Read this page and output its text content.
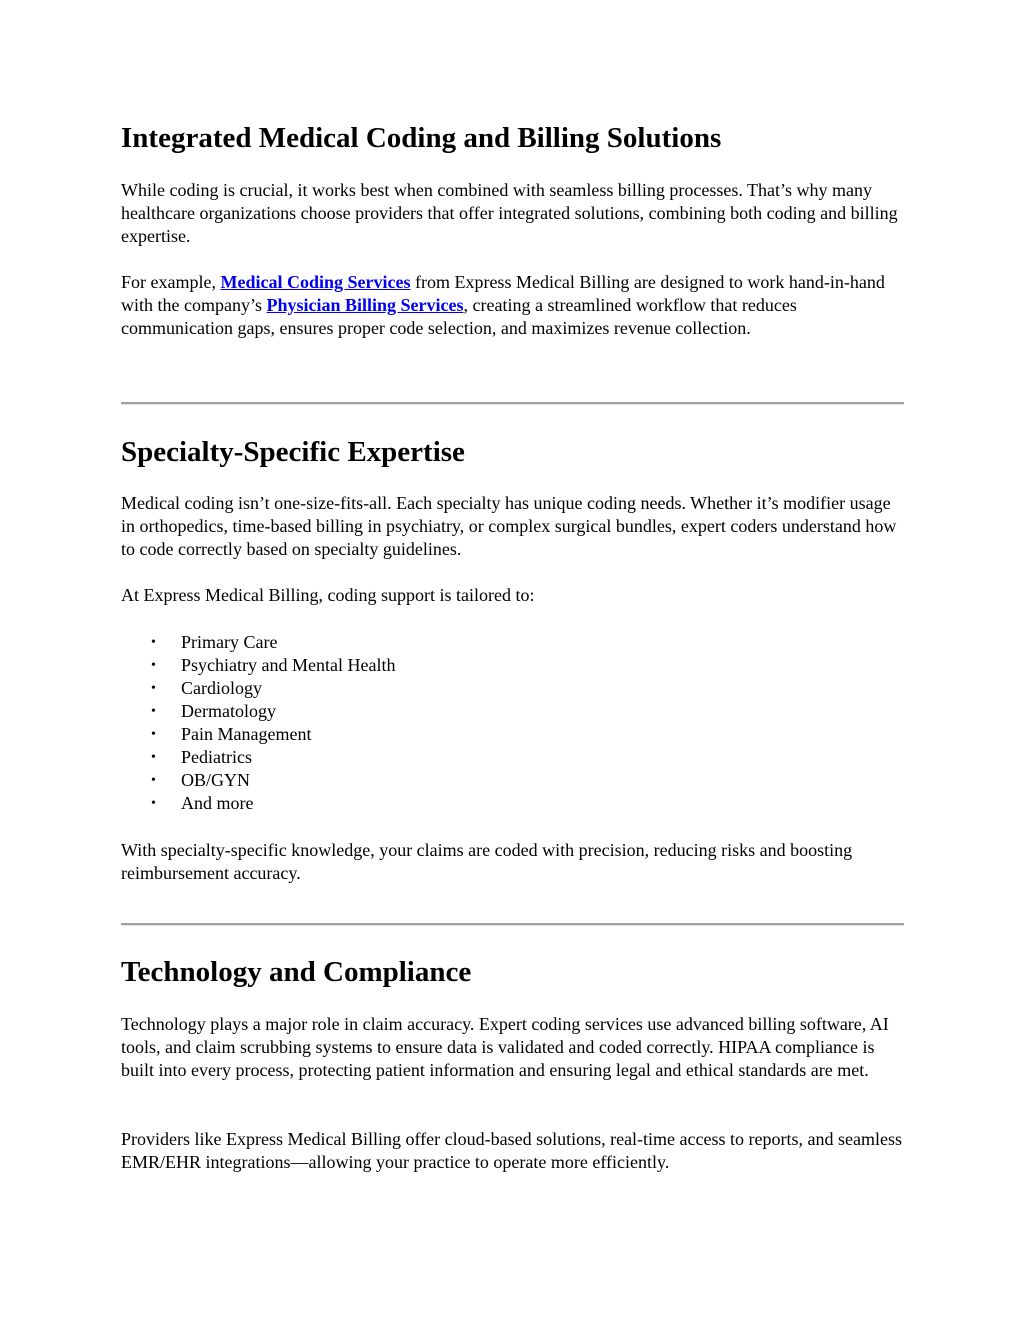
Integrated Medical Coding and Billing Solutions

While coding is crucial, it works best when combined with seamless billing processes. That’s why many healthcare organizations choose providers that offer integrated solutions, combining both coding and billing expertise.

For example, Medical Coding Services from Express Medical Billing are designed to work hand-in-hand with the company’s Physician Billing Services, creating a streamlined workflow that reduces communication gaps, ensures proper code selection, and maximizes revenue collection.

Specialty-Specific Expertise

Medical coding isn’t one-size-fits-all. Each specialty has unique coding needs. Whether it’s modifier usage in orthopedics, time-based billing in psychiatry, or complex surgical bundles, expert coders understand how to code correctly based on specialty guidelines.

At Express Medical Billing, coding support is tailored to:

• Primary Care
• Psychiatry and Mental Health
• Cardiology
• Dermatology
• Pain Management
• Pediatrics
• OB/GYN
• And more

With specialty-specific knowledge, your claims are coded with precision, reducing risks and boosting reimbursement accuracy.

Technology and Compliance

Technology plays a major role in claim accuracy. Expert coding services use advanced billing software, AI tools, and claim scrubbing systems to ensure data is validated and coded correctly. HIPAA compliance is built into every process, protecting patient information and ensuring legal and ethical standards are met.

Providers like Express Medical Billing offer cloud-based solutions, real-time access to reports, and seamless EMR/EHR integrations—allowing your practice to operate more efficiently.
